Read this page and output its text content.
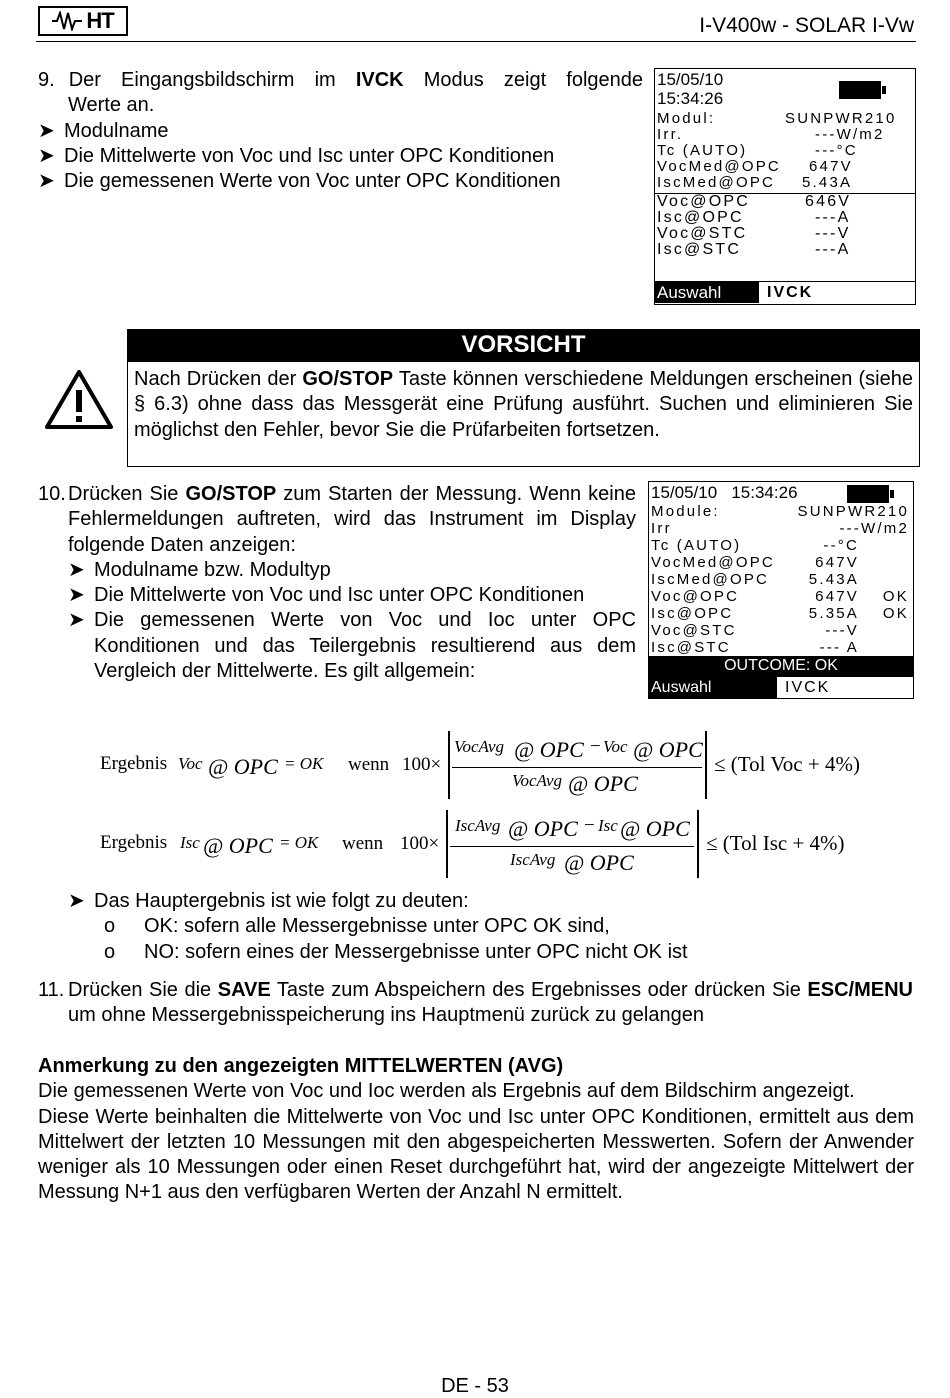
HT	I-V400w - SOLAR I-Vw
9. Der Eingangsbildschirm im IVCK Modus zeigt folgende
Werte an.
➤ Modulname
➤ Die Mittelwerte von Voc und Isc unter OPC Konditionen
➤ Die gemessenen Werte von Voc unter OPC Konditionen
15/05/10
15:34:26
Modul:	SUNPWR210
Irr.	---W/m2
Tc (AUTO)	---°C
VocMed@OPC 647V
IscMed@OPC 5.43A
Voc@OPC	646V
Isc@OPC	---A
Voc@STC	---V
Isc@STC	---A
Auswahl	IVCK
VORSICHT
Nach Drücken der GO/STOP Taste können verschiedene Meldungen erscheinen (siehe § 6.3) ohne dass das Messgerät eine Prüfung ausführt. Suchen und eliminieren Sie möglichst den Fehler, bevor Sie die Prüfarbeiten fortsetzen.
10. Drücken Sie GO/STOP zum Starten der Messung. Wenn keine Fehlermeldungen auftreten, wird das Instrument im Display folgende Daten anzeigen:
➤ Modulname bzw. Modultyp
➤ Die Mittelwerte von Voc und Isc unter OPC Konditionen
➤ Die gemessenen Werte von Voc und Ioc unter OPC Konditionen und das Teilergebnis resultierend aus dem Vergleich der Mittelwerte. Es gilt allgemein:
15/05/10   15:34:26
Module:	SUNPWR210
Irr	---W/m2
Tc (AUTO)	--°C
VocMed@OPC	647V
IscMed@OPC	5.43A
Voc@OPC	647V OK
Isc@OPC	5.35A OK
Voc@STC	---V
Isc@STC	--- A
OUTCOME: OK
Auswahl	IVCK
Ergebnis Voc @ OPC = OK wenn 100×
VocAvg @ OPC − Voc @ OPC
VocAvg @ OPC
≤ (Tol Voc + 4%)
Ergebnis Isc @ OPC = OK wenn 100×
IscAvg @ OPC − Isc @ OPC
IscAvg @ OPC
≤ (Tol Isc + 4%)
➤ Das Hauptergebnis ist wie folgt zu deuten:
o OK: sofern alle Messergebnisse unter OPC OK sind,
o NO: sofern eines der Messergebnisse unter OPC nicht OK ist
11. Drücken Sie die SAVE Taste zum Abspeichern des Ergebnisses oder drücken Sie ESC/MENU um ohne Messergebnisspeicherung ins Hauptmenü zurück zu gelangen
Anmerkung zu den angezeigten MITTELWERTEN (AVG)
Die gemessenen Werte von Voc und Ioc werden als Ergebnis auf dem Bildschirm angezeigt.
Diese Werte beinhalten die Mittelwerte von Voc und Isc unter OPC Konditionen, ermittelt aus dem Mittelwert der letzten 10 Messungen mit den abgespeicherten Messwerten. Sofern der Anwender weniger als 10 Messungen oder einen Reset durchgeführt hat, wird der angezeigte Mittelwert der Messung N+1 aus den verfügbaren Werten der Anzahl N ermittelt.
DE - 53
